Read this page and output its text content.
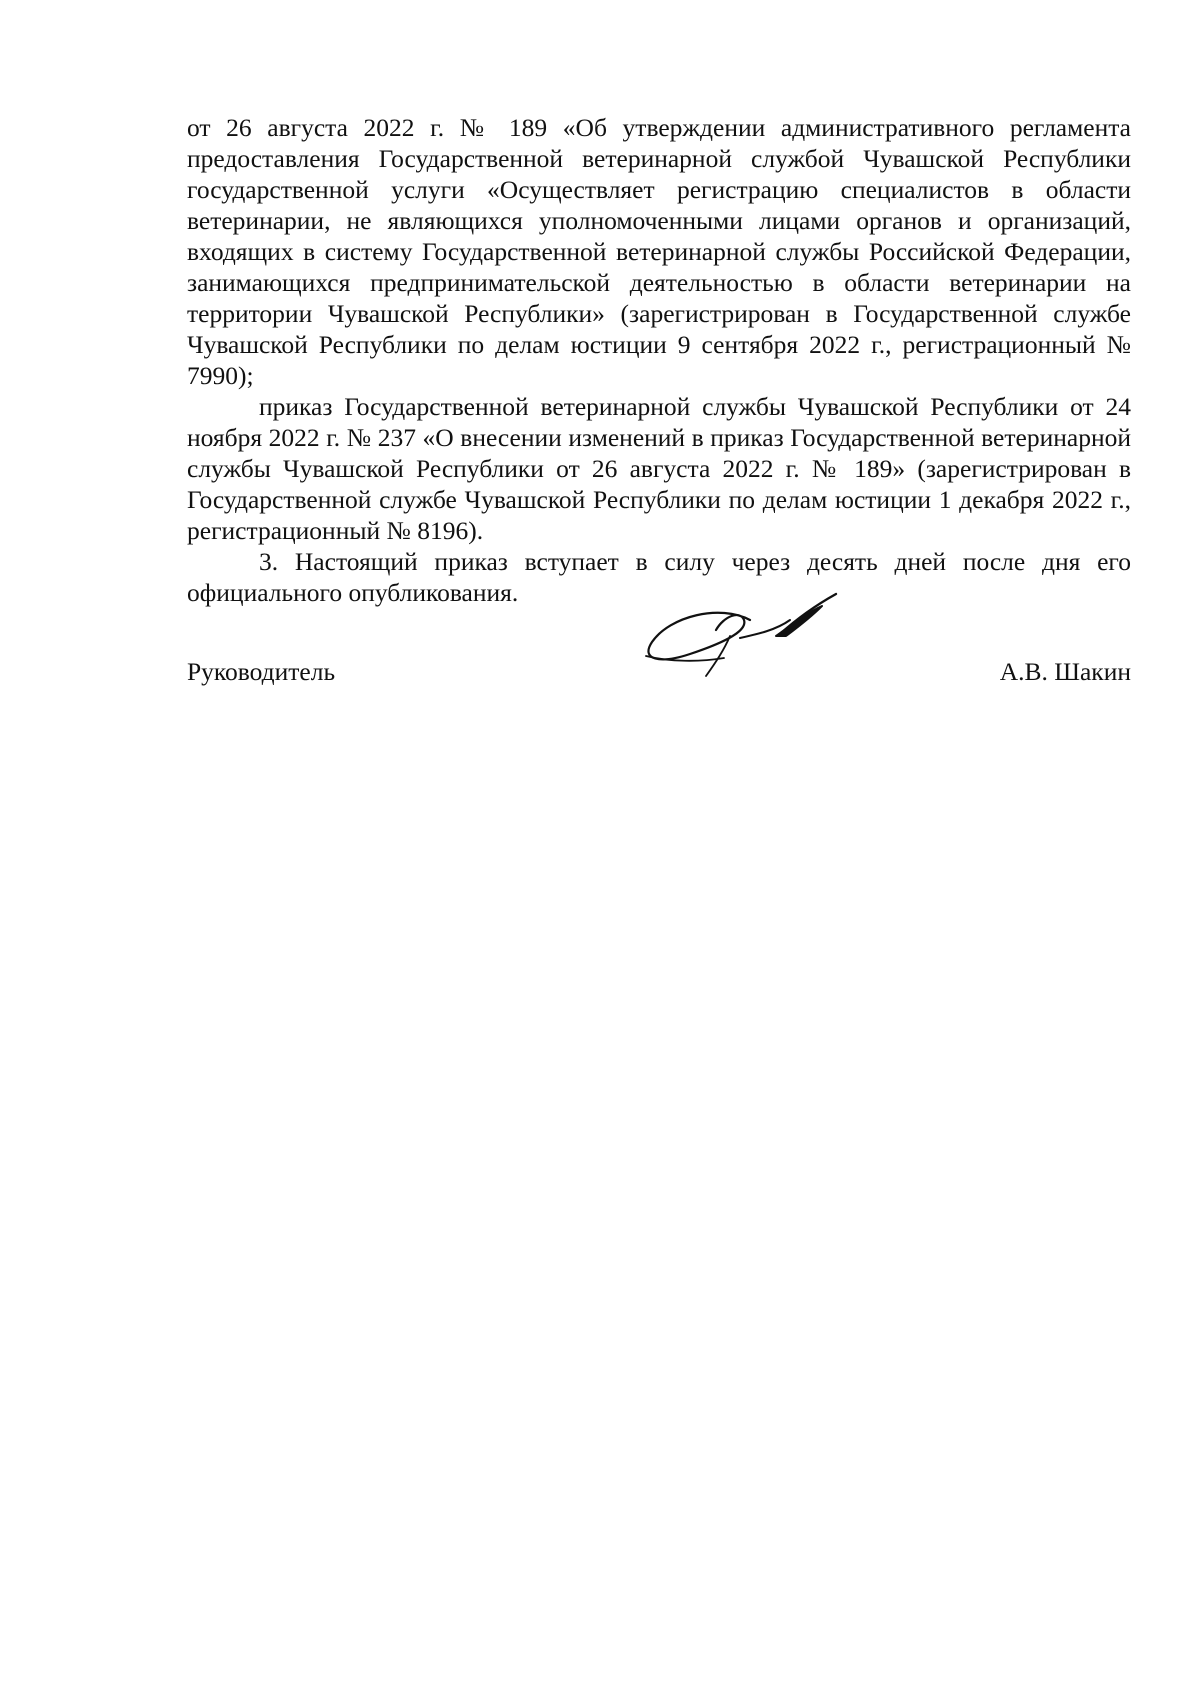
от 26 августа 2022 г. № 189 «Об утверждении административного регламента предоставления Государственной ветеринарной службой Чувашской Республики государственной услуги «Осуществляет регистрацию специалистов в области ветеринарии, не являющихся уполномоченными лицами органов и организаций, входящих в систему Государственной ветеринарной службы Российской Федерации, занимающихся предпринимательской деятельностью в области ветеринарии на территории Чувашской Республики» (зарегистрирован в Государственной службе Чувашской Республики по делам юстиции 9 сентября 2022 г., регистрационный № 7990);

приказ Государственной ветеринарной службы Чувашской Республики от 24 ноября 2022 г. № 237 «О внесении изменений в приказ Государственной ветеринарной службы Чувашской Республики от 26 августа 2022 г. № 189» (зарегистрирован в Государственной службе Чувашской Республики по делам юстиции 1 декабря 2022 г., регистрационный № 8196).

3. Настоящий приказ вступает в силу через десять дней после дня его официального опубликования.

Руководитель	А.В. Шакин
